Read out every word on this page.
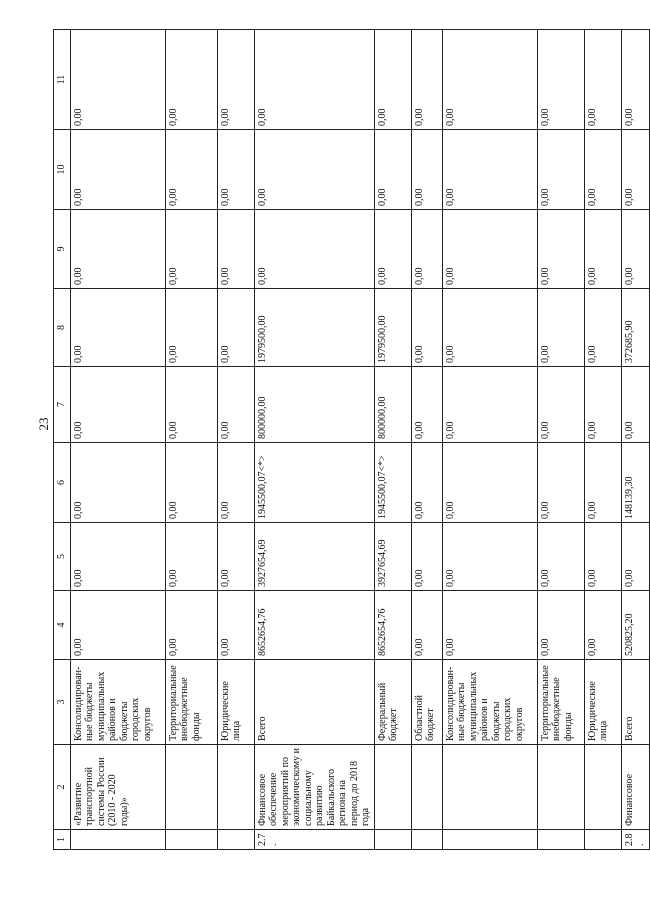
23
1	2	3	4	5	6	7	8	9	10	11
	«Развитие транспортной системы России (2010 - 2020 годы)»	Консолидирован-ные бюджеты муниципальных районов и бюджеты городских округов	0,00	0,00	0,00	0,00	0,00	0,00	0,00	0,00
		Территориальные внебюджетные фонды	0,00	0,00	0,00	0,00	0,00	0,00	0,00	0,00
		Юридические лица	0,00	0,00	0,00	0,00	0,00	0,00	0,00	0,00
2.7.	Финансовое обеспечение мероприятий по экономическому и социальному развитию Байкальского региона на период до 2018 года	Всего	8652654,76	3927654,69	1945500,07<*>	800000,00	1979500,00	0,00	0,00	0,00
		Федеральный бюджет	8652654,76	3927654,69	1945500,07<*>	800000,00	1979500,00	0,00	0,00	0,00
		Областной бюджет	0,00	0,00	0,00	0,00	0,00	0,00	0,00	0,00
		Консолидирован-ные бюджеты муниципальных районов и бюджеты городских округов	0,00	0,00	0,00	0,00	0,00	0,00	0,00	0,00
		Территориальные внебюджетные фонды	0,00	0,00	0,00	0,00	0,00	0,00	0,00	0,00
		Юридические лица	0,00	0,00	0,00	0,00	0,00	0,00	0,00	0,00
2.8.	Финансовое	Всего	520825,20	0,00	148139,30	0,00	372685,90	0,00	0,00	0,00
